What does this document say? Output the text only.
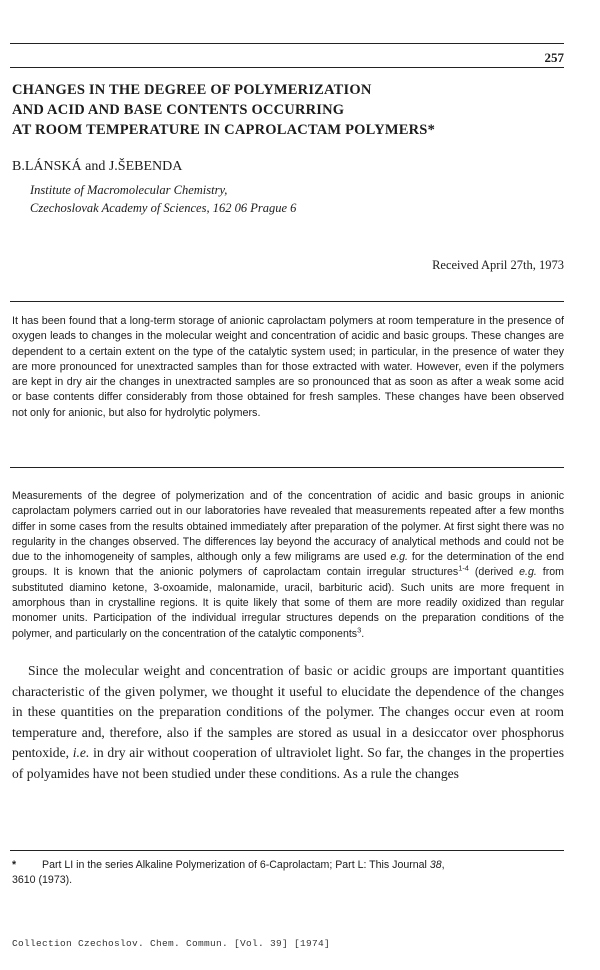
257
CHANGES IN THE DEGREE OF POLYMERIZATION
AND ACID AND BASE CONTENTS OCCURRING
AT ROOM TEMPERATURE IN CAPROLACTAM POLYMERS*
B.LÁNSKÁ and J.ŠEBENDA
Institute of Macromolecular Chemistry,
Czechoslovak Academy of Sciences, 162 06 Prague 6
Received April 27th, 1973

It has been found that a long-term storage of anionic caprolactam polymers at room temperature in the presence of oxygen leads to changes in the molecular weight and concentration of acidic and basic groups. These changes are dependent to a certain extent on the type of the catalytic system used; in particular, in the presence of water they are more pronounced for unextracted samples than for those extracted with water. However, even if the polymers are kept in dry air the changes in unextracted samples are so pronounced that as soon as after a weak some acid or base contents differ considerably from those obtained for fresh samples. These changes have been observed not only for anionic, but also for hydrolytic polymers.

Measurements of the degree of polymerization and of the concentration of acidic and basic groups in anionic caprolactam polymers carried out in our laboratories have revealed that measurements repeated after a few months differ in some cases from the results obtained immediately after preparation of the polymer. At first sight there was no regularity in the changes observed. The differences lay beyond the accuracy of analytical methods and could not be due to the inhomogeneity of samples, although only a few miligrams are used e.g. for the determination of the end groups. It is known that the anionic polymers of caprolactam contain irregular structures$^{1-4}$ (derived e.g. from substituted diamino ketone, 3-oxoamide, malonamide, uracil, barbituric acid). Such units are more frequent in amorphous than in crystalline regions. It is quite likely that some of them are more readily oxidized than regular monomer units. Participation of the individual irregular structures depends on the preparation conditions of the polymer, and particularly on the concentration of the catalytic components$^3$.

Since the molecular weight and concentration of basic or acidic groups are important quantities characteristic of the given polymer, we thought it useful to elucidate the dependence of the changes in these quantities on the preparation conditions of the polymer. The changes occur even at room temperature and, therefore, also if the samples are stored as usual in a desiccator over phosphorus pentoxide, i.e. in dry air without cooperation of ultraviolet light. So far, the changes in the properties of polyamides have not been studied under these conditions. As a rule the changes

* Part LI in the series Alkaline Polymerization of 6-Caprolactam; Part L: This Journal 38,
3610 (1973).

Collection Czechoslov. Chem. Commun. [Vol. 39] [1974]
